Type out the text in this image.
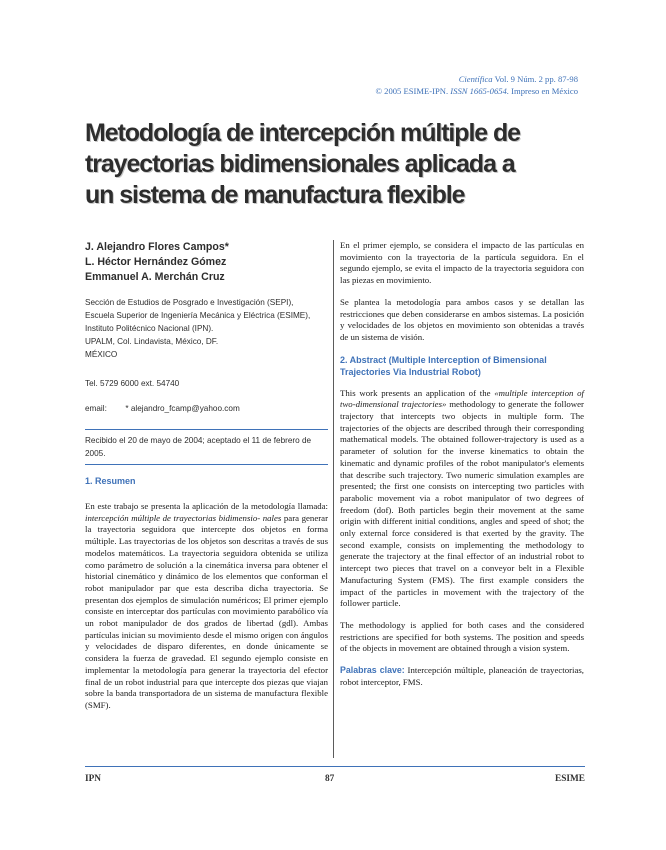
Científica Vol. 9 Núm. 2 pp. 87-98
© 2005 ESIME-IPN. ISSN 1665-0654. Impreso en México
Metodología de intercepción múltiple de
trayectorias bidimensionales aplicada a
un sistema de manufactura flexible
J. Alejandro Flores Campos*
L. Héctor Hernández Gómez
Emmanuel A. Merchán Cruz
Sección de Estudios de Posgrado e Investigación (SEPI),
Escuela Superior de Ingeniería Mecánica y Eléctrica (ESIME),
Instituto Politécnico Nacional (IPN).
UPALM, Col. Lindavista, México, DF.
MÉXICO
Tel. 5729 6000 ext. 54740
email: * alejandro_fcamp@yahoo.com
Recibido el 20 de mayo de 2004; aceptado el 11 de febrero de 2005.
1. Resumen

En este trabajo se presenta la aplicación de la metodología llamada: intercepción múltiple de trayectorias bidimensio- nales para generar la trayectoria seguidora que intercepte dos objetos en forma múltiple. Las trayectorias de los objetos son descritas a través de sus modelos matemáticos. La trayectoria seguidora obtenida se utiliza como parámetro de solución a la cinemática inversa para obtener el historial cinemático y dinámico de los elementos que conforman el robot manipulador par que esta describa dicha trayectoria. Se presentan dos ejemplos de simulación numéricos; El primer ejemplo consiste en interceptar dos partículas con movimiento parabólico vía un robot manipulador de dos grados de libertad (gdl). Ambas partículas inician su movimiento desde el mismo origen con ángulos y velocidades de disparo diferentes, en donde únicamente se considera la fuerza de gravedad. El segundo ejemplo consiste en implementar la metodología para generar la trayectoria del efector final de un robot industrial para que intercepte dos piezas que viajan sobre la banda transportadora de un sistema de manufactura flexible (SMF).

En el primer ejemplo, se considera el impacto de las partículas en movimiento con la trayectoria de la partícula seguidora. En el segundo ejemplo, se evita el impacto de la trayectoria seguidora con las piezas en movimiento.

Se plantea la metodología para ambos casos y se detallan las restricciones que deben considerarse en ambos sistemas. La posición y velocidades de los objetos en movimiento son obtenidas a través de un sistema de visión.

2. Abstract (Multiple Interception of Bimensional Trajectories Via Industrial Robot)

This work presents an application of the «multiple interception of two-dimensional trajectories» methodology to generate the follower trajectory that intercepts two objects in multiple form. The trajectories of the objects are described through their corresponding mathematical models. The obtained follower-trajectory is used as a parameter of solution for the inverse kinematics to obtain the kinematic and dynamic profiles of the robot manipulator's elements that describe such trajectory. Two numeric simulation examples are presented; the first one consists on intercepting two particles with parabolic movement via a robot manipulator of two degrees of freedom (dof). Both particles begin their movement at the same origin with different initial conditions, angles and speed of shot; the only external force considered is that exerted by the gravity. The second example, consists on implementing the methodology to generate the trajectory at the final effector of an industrial robot to intercept two pieces that travel on a conveyor belt in a Flexible Manufacturing System (FMS). The first example considers the impact of the particles in movement with the trajectory of the follower particle.

The methodology is applied for both cases and the considered restrictions are specified for both systems. The position and speeds of the objects in movement are obtained through a vision system.

Palabras clave: Intercepción múltiple, planeación de trayectorias, robot interceptor, FMS.

IPN	87	ESIME
